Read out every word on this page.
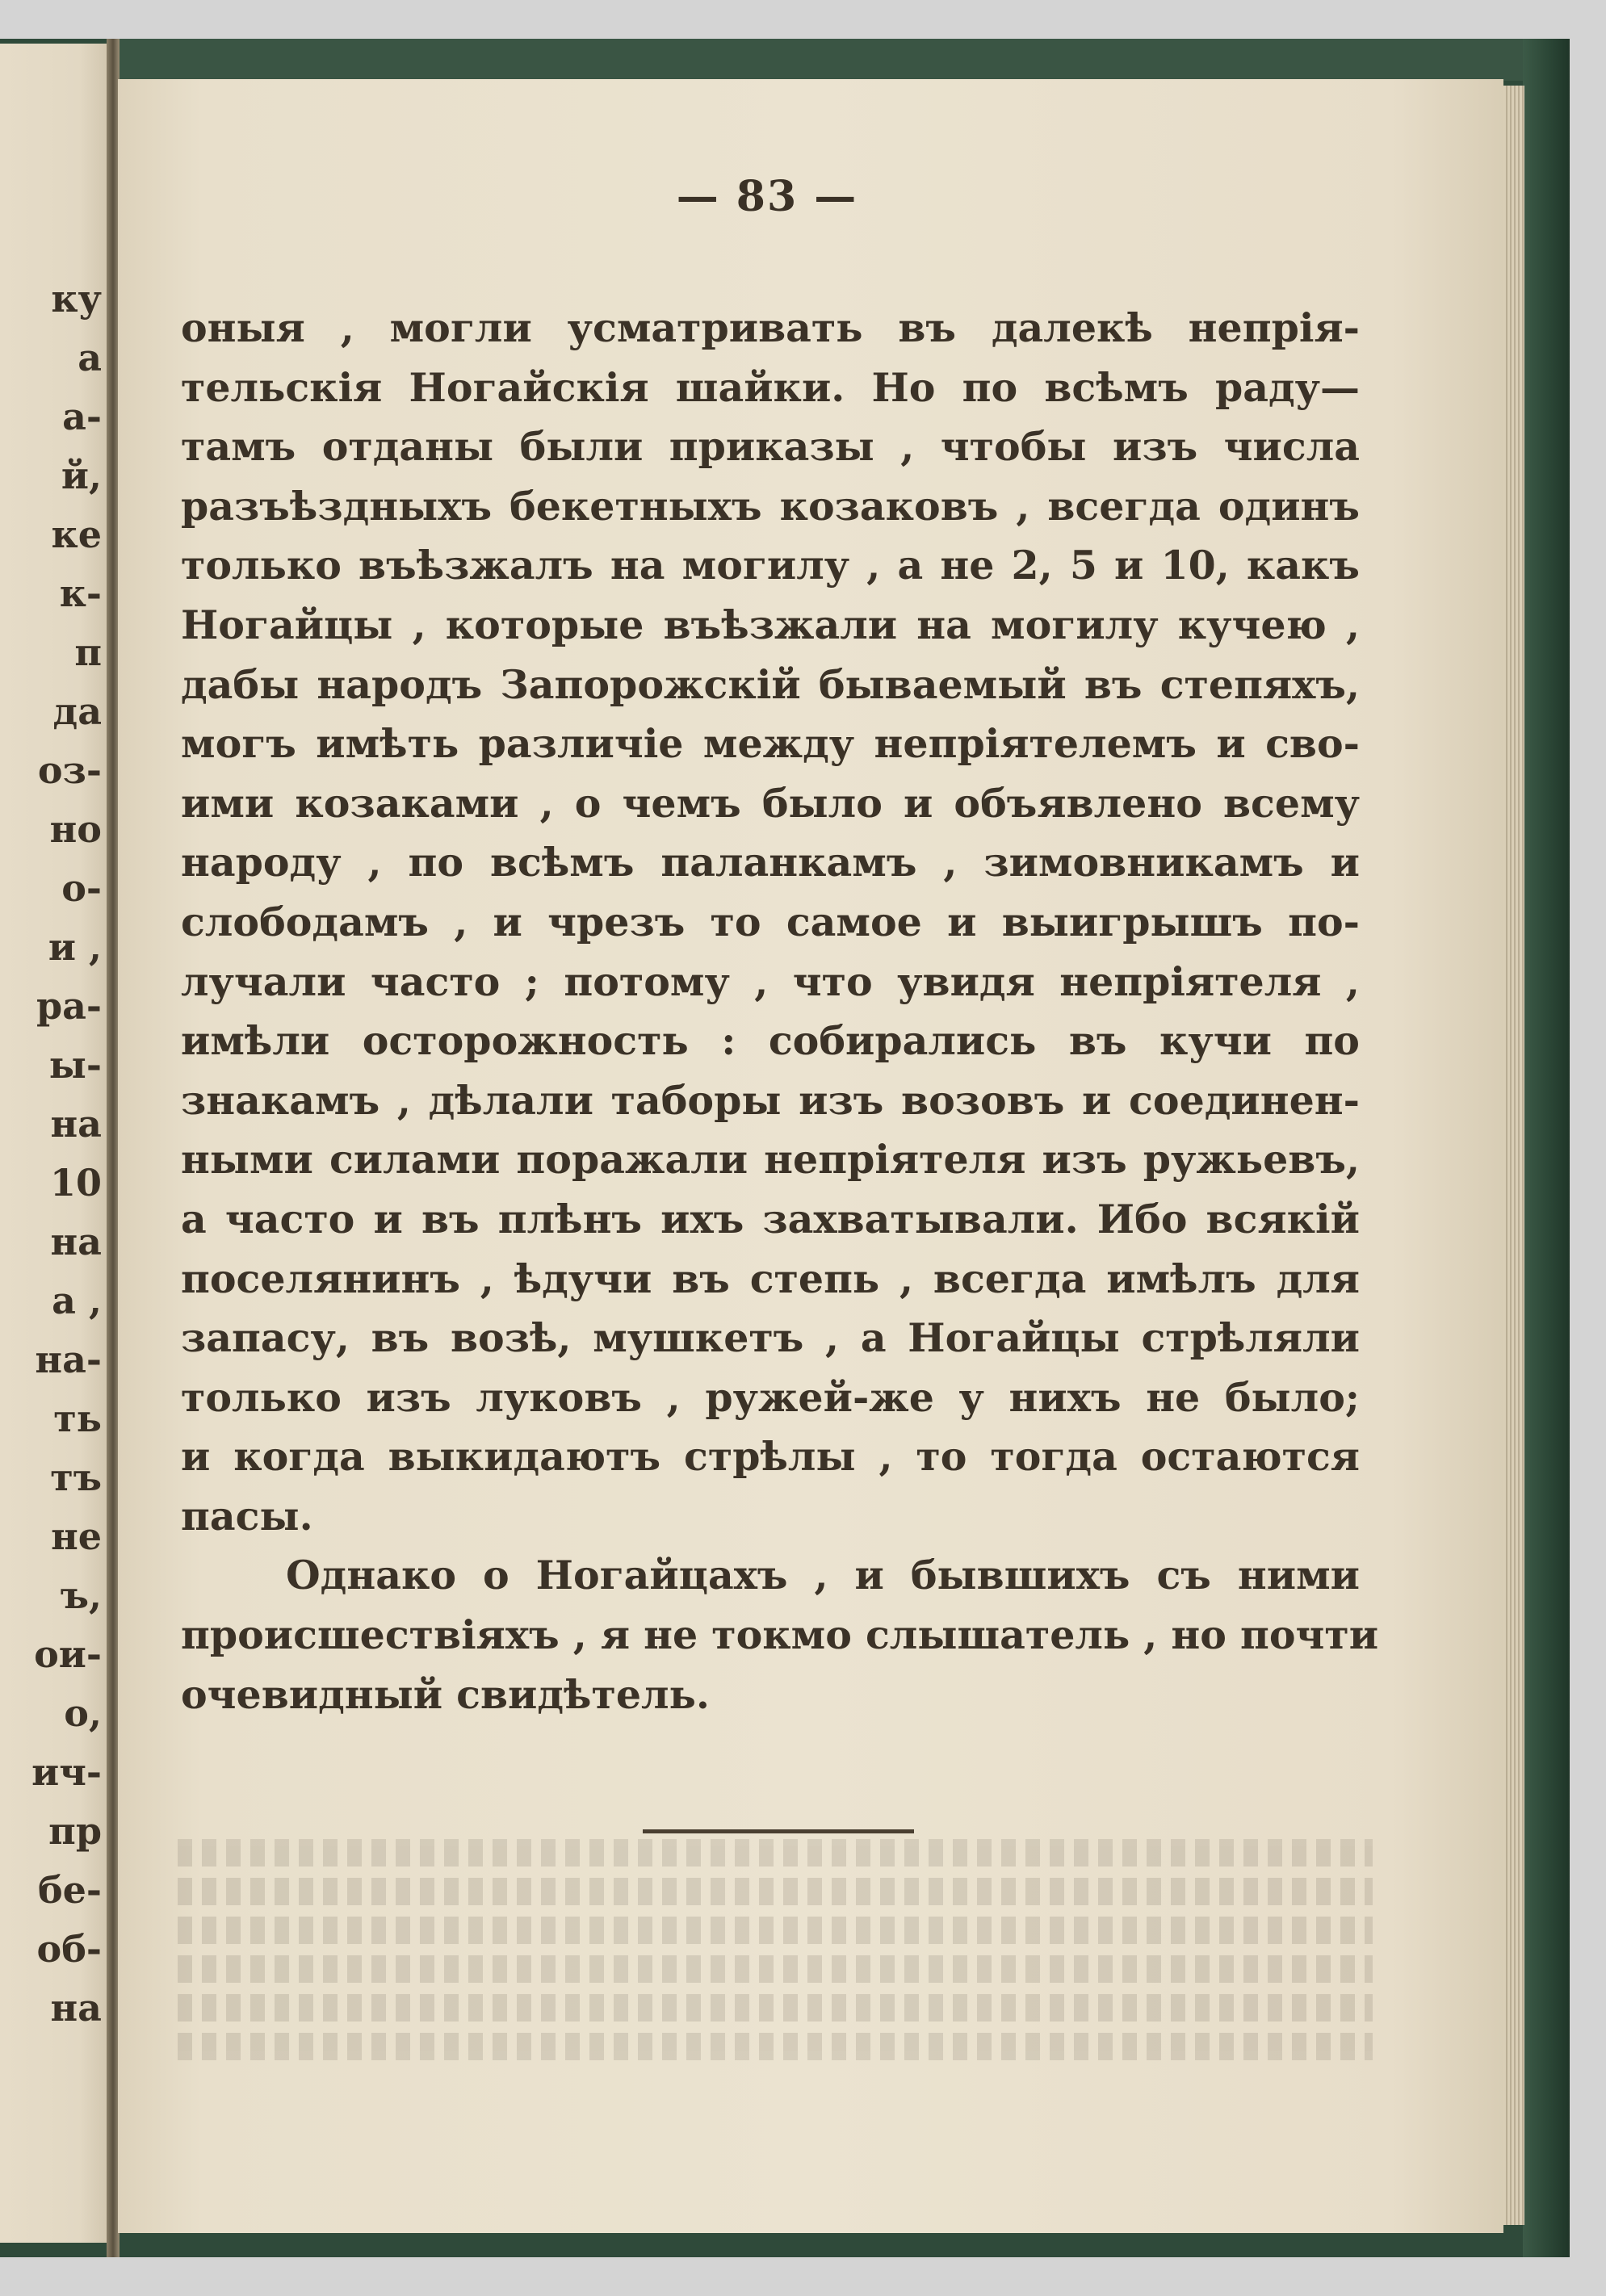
ку
а
а-
й,
ке
к-
п
да
оз-
но
о-
и ,
ра-
ы-
на
10
на
а ,
на-
ть
тъ
не
ъ,
ои-
о,
ич-
пр
бе-
об-
на
— 83 —
оныя , могли усматривать въ далекѣ непрія-
тельскія Ногайскія шайки. Но по всѣмъ раду—
тамъ отданы были приказы , чтобы изъ числа
разъѣздныхъ бекетныхъ козаковъ , всегда одинъ
только въѣзжалъ на могилу , а не 2, 5 и 10, какъ
Ногайцы , которые въѣзжали на могилу кучею ,
дабы народъ Запорожскій бываемый въ степяхъ,
могъ имѣть различіе между непріятелемъ и сво-
ими козаками , о чемъ было и объявлено всему
народу , по всѣмъ паланкамъ , зимовникамъ и
слободамъ , и чрезъ то самое и выигрышъ по-
лучали часто ; потому , что увидя непріятеля ,
имѣли осторожность : собирались въ кучи по
знакамъ , дѣлали таборы изъ возовъ и соединен-
ными силами поражали непріятеля изъ ружьевъ,
а часто и въ плѣнъ ихъ захватывали. Ибо всякій
поселянинъ , ѣдучи въ степь , всегда имѣлъ для
запасу, въ возѣ, мушкетъ , а Ногайцы стрѣляли
только изъ луковъ , ружей-же у нихъ не было;
и когда выкидаютъ стрѣлы , то тогда остаются
пасы.
Однако о Ногайцахъ , и бывшихъ съ ними
происшествіяхъ , я не токмо слышатель , но почти
очевидный свидѣтель.
